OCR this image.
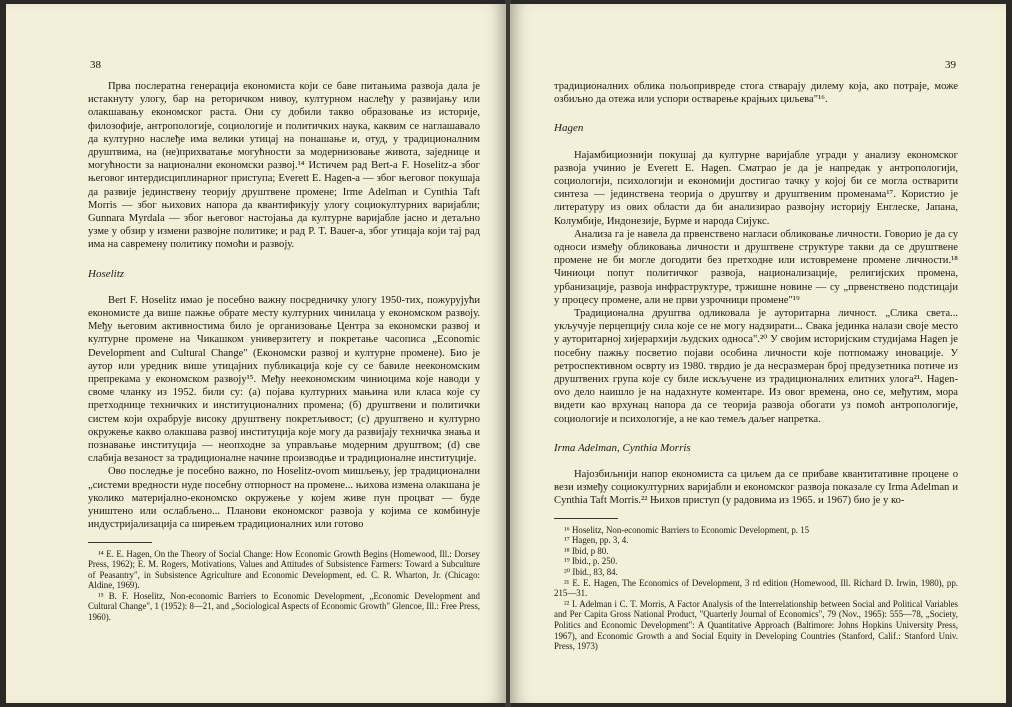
38

Прва послератна генерација економиста који се баве питањима развоја дала је истакнуту улогу, бар на реторичком нивоу, културном наслеђу у развијању или олакшавању економског раста. Они су добили такво образовање из историје, филозофије, антропологије, социологије и политичких наука, каквим се наглашавало да културно наслеђе има велики утицај на понашање и, отуд, у традиционалним друштвима, на (не)прихватање могућности за модернизовање живота, заједнице и могућности за национални економски развој.¹⁴ Истичем рад Bert-a F. Hoselitz-a због његовог интердисциплинарног приступа; Everett E. Hagen-a — због његовог покушаја да развије јединствену теорију друштвене промене; Irme Adelman и Cynthia Taft Morris — због њихових напора да квантификују улогу социокултурних варијабли; Gunnara Myrdala — због његовог настојања да културне варијабле јасно и детаљно узме у обзир у измени развојне политике; и рад P. T. Bauer-a, због утицаја који тај рад има на савремену политику помоћи и развоју.

Hoselitz

Bert F. Hoselitz имао је посебно важну посредничку улогу 1950-тих, пожурујући економисте да више пажње обрате месту културних чинилаца у економском развоју. Међу његовим активностима било је организовање Центра за економски развој и културне промене на Чикашком универзитету и покретање часописа „Economic Development and Cultural Change" (Економски развој и културне промене). Био је аутор или уредник више утицајних публикација које су се бавиле неекономским препрекама у економском развоју¹⁵. Међу неекономским чиниоцима које наводи у своме чланку из 1952. били су: (а) појава културних мањина или класа које су претходнице техничких и институционалних промена; (б) друштвени и политички систем који охрабрује високу друштвену покретљивост; (с) друштвено и културно окружење какво олакшава развој институција које могу да развијају техничка знања и познавање институција — неопходне за управљање модерним друштвом; (d) све слабија везаност за традиционалне начине производње и традиционалне институције.

Ово последње је посебно важно, по Hoselitz-ovom мишљењу, јер традиционални „системи вредности нуде посебну отпорност на промене... њихова измена олакшана је уколико материјално-економско окружење у којем живе пун процват — буде уништено или ослабљено... Планови економског развоја у којима се комбинује индустријализација са ширењем традиционалних или готово

¹⁴ E. E. Hagen, On the Theory of Social Change: How Economic Growth Begins (Homewood, Ill.: Dorsey Press, 1962); E. M. Rogers, Motivations, Values and Attitudes of Subsistence Farmers: Toward a Subculture of Peasantry", in Subsistence Agriculture and Economic Development, ed. C. R. Wharton, Jr. (Chicago: Aldine, 1969).

¹⁵ B. F. Hoselitz, Non-economic Barriers to Economic Development, „Economic Development and Cultural Change", 1 (1952): 8—21, and „Sociological Aspects of Economic Growth" Glencoe, Ill.: Free Press, 1960).

39

традиционалних облика пољопривреде стога стварају дилему која, ако потраје, може озбиљно да отежа или успори остварење крајњих циљева"¹⁶.

Hagen

Најамбициознији покушај да културне варијабле угради у анализу економског развоја учинио је Everett E. Hagen. Сматрао је да је напредак у антропологији, социологији, психологији и економији достигао тачку у којој би се могла остварити синтеза — јединствена теорија о друштву и друштвеним променама¹⁷. Користио је литературу из ових области да би анализирао развојну историју Енглеске, Јапана, Колумбије, Индонезије, Бурме и народа Сијукс.

Анализа га је навела да првенствено нагласи обликовање личности. Говорио је да су односи између обликовања личности и друштвене структуре такви да се друштвене промене не би могле догодити без претходне или истовремене промене личности.¹⁸ Чиниоци попут политичког развоја, национализације, религијских промена, урбанизације, развоја инфраструктуре, тржишне новине — су „првенствено подстицаји у процесу промене, али не први узрочници промене"¹⁹

Традиционална друштва одликовала је ауторитарна личност. „Слика света... укључује перцепцију сила које се не могу надзирати... Свака јединка налази своје место у ауторитарној хијерархији људских односа".²⁰ У својим историјским студијама Hagen је посебну пажњу посветио појави особина личности које потпомажу иновације. У ретроспективном осврту из 1980. тврдио је да несразмеран број предузетника потиче из друштвених група које су биле искључене из традиционалних елитних улога²¹. Hagen-ovo дело наишло је на надахнуте коментаре. Из овог времена, оно се, међутим, мора видети као врхунац напора да се теорија развоја обогати уз помоћ антропологије, социологије и психологије, а не као темељ даљег напретка.

Irma Adelman, Cynthia Morris

Најозбиљнији напор економиста са циљем да се прибаве квантитативне процене о вези између социокултурних варијабли и економског развоја показале су Irma Adelman и Cynthia Taft Morris.²² Њихов приступ (у радовима из 1965. и 1967) био је у ко-

¹⁶ Hoselitz, Non-economic Barriers to Economic Development, p. 15

¹⁷ Hagen, pp. 3, 4.

¹⁸ Ibid, p 80.

¹⁹ Ibid., p. 250.

²⁰ Ibid., 83, 84.

²¹ E. E. Hagen, The Economics of Development, 3 rd edition (Homewood, Ill. Richard D. Irwin, 1980), pp. 215—31.

²² I. Adelman i C. T. Morris, A Factor Analysis of the Interrelationship between Social and Political Variables and Per Capita Gross National Product, "Quarterly Journal of Economics", 79 (Nov., 1965): 555—78, „Society, Politics and Economic Development": A Quantitative Approach (Baltimore: Johns Hopkins University Press, 1967), and Economic Growth a and Social Equity in Developing Countries (Stanford, Calif.: Stanford Univ. Press, 1973)
